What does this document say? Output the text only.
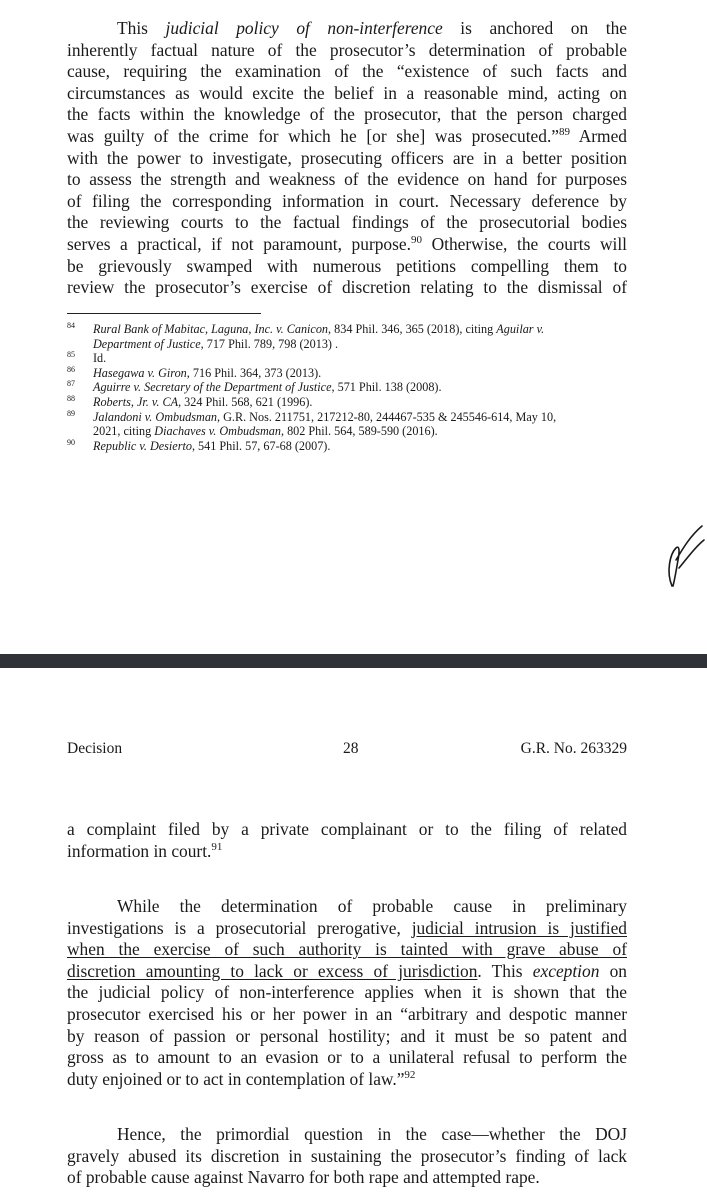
This judicial policy of non-interference is anchored on the
inherently factual nature of the prosecutor’s determination of probable
cause, requiring the examination of the “existence of such facts and
circumstances as would excite the belief in a reasonable mind, acting on
the facts within the knowledge of the prosecutor, that the person charged
was guilty of the crime for which he [or she] was prosecuted.”$^{89}$ Armed
with the power to investigate, prosecuting officers are in a better position
to assess the strength and weakness of the evidence on hand for purposes
of filing the corresponding information in court. Necessary deference by
the reviewing courts to the factual findings of the prosecutorial bodies
serves a practical, if not paramount, purpose.$^{90}$ Otherwise, the courts will
be grievously swamped with numerous petitions compelling them to
review the prosecutor’s exercise of discretion relating to the dismissal of
84 Rural Bank of Mabitac, Laguna, Inc. v. Canicon, 834 Phil. 346, 365 (2018), citing Aguilar v.
Department of Justice, 717 Phil. 789, 798 (2013) .
85 Id.
86 Hasegawa v. Giron, 716 Phil. 364, 373 (2013).
87 Aguirre v. Secretary of the Department of Justice, 571 Phil. 138 (2008).
88 Roberts, Jr. v. CA, 324 Phil. 568, 621 (1996).
89 Jalandoni v. Ombudsman, G.R. Nos. 211751, 217212-80, 244467-535 & 245546-614, May 10,
2021, citing Diachaves v. Ombudsman, 802 Phil. 564, 589-590 (2016).
90 Republic v. Desierto, 541 Phil. 57, 67-68 (2007).
Decision	28	G.R. No. 263329
a complaint filed by a private complainant or to the filing of related
information in court.$^{91}$
While the determination of probable cause in preliminary
investigations is a prosecutorial prerogative, judicial intrusion is justified
when the exercise of such authority is tainted with grave abuse of
discretion amounting to lack or excess of jurisdiction. This exception on
the judicial policy of non-interference applies when it is shown that the
prosecutor exercised his or her power in an “arbitrary and despotic manner
by reason of passion or personal hostility; and it must be so patent and
gross as to amount to an evasion or to a unilateral refusal to perform the
duty enjoined or to act in contemplation of law.”$^{92}$
Hence, the primordial question in the case—whether the DOJ
gravely abused its discretion in sustaining the prosecutor’s finding of lack
of probable cause against Navarro for both rape and attempted rape.
